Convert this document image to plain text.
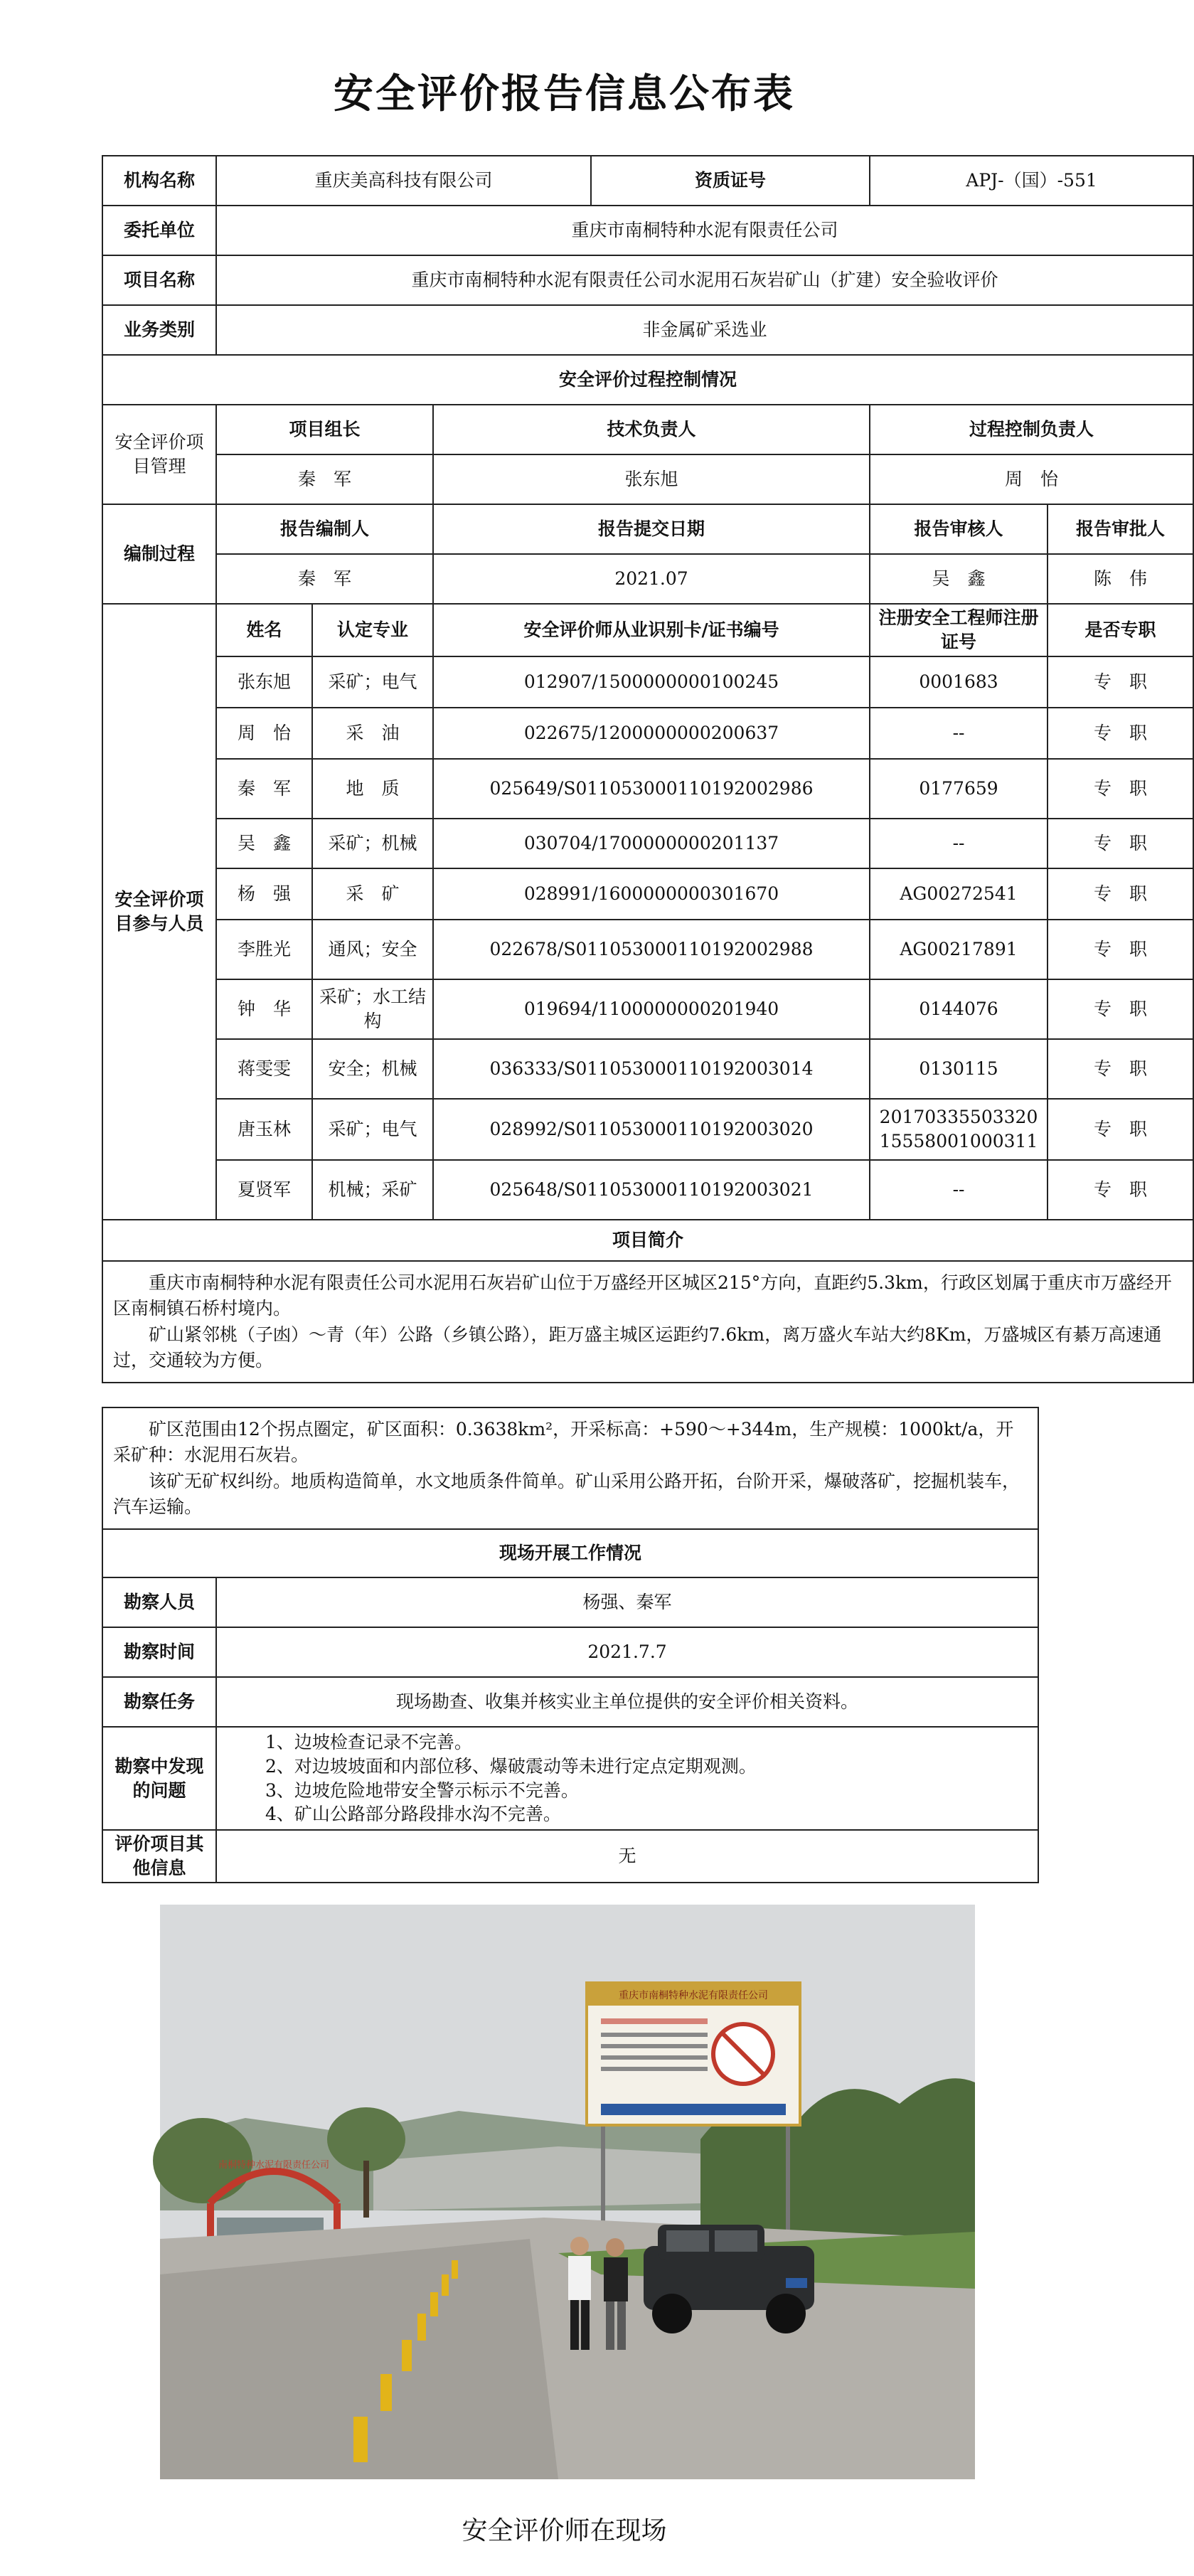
安全评价报告信息公布表
机构名称	重庆美高科技有限公司			资质证号	APJ-（国）-551	
委托单位	重庆市南桐特种水泥有限责任公司					
项目名称	重庆市南桐特种水泥有限责任公司水泥用石灰岩矿山（扩建）安全验收评价					
业务类别	非金属矿采选业					
安全评价过程控制情况						
安全评价项目管理	项目组长		技术负责人		过程控制负责人	
	秦　军		张东旭		周　怡	
编制过程	报告编制人		报告提交日期		报告审核人	报告审批人
	秦　军		2021.07		吴　鑫	陈　伟
安全评价项目参与人员	姓名	认定专业	安全评价师从业识别卡/证书编号		注册安全工程师注册证号	是否专职
	张东旭	采矿；电气	012907/1500000000100245		0001683	专　职
	周　怡	采　油	022675/1200000000200637		--	专　职
	秦　军	地　质	025649/S011053000110192002986		0177659	专　职
	吴　鑫	采矿；机械	030704/1700000000201137		--	专　职
	杨　强	采　矿	028991/1600000000301670		AG00272541	专　职
	李胜光	通风；安全	022678/S011053000110192002988		AG00217891	专　职
	钟　华	采矿；水工结构	019694/1100000000201940		0144076	专　职
	蒋雯雯	安全；机械	036333/S011053000110192003014		0130115	专　职
	唐玉林	采矿；电气	028992/S011053000110192003020		2017033550332015558001000311	专　职
	夏贤军	机械；采矿	025648/S011053000110192003021		--	专　职
项目简介						

重庆市南桐特种水泥有限责任公司水泥用石灰岩矿山位于万盛经开区城区215°方向，直距约5.3km，行政区划属于重庆市万盛经开区南桐镇石桥村境内。

矿山紧邻桃（子凼）～青（年）公路（乡镇公路），距万盛主城区运距约7.6km，离万盛火车站大约8Km，万盛城区有綦万高速通过，交通较为方便。						

矿区范围由12个拐点圈定，矿区面积：0.3638km²，开采标高：+590～+344m，生产规模：1000kt/a，开采矿种：水泥用石灰岩。

该矿无矿权纠纷。地质构造简单，水文地质条件简单。矿山采用公路开拓，台阶开采，爆破落矿，挖掘机装车，汽车运输。	

现场开展工作情况	
勘察人员	杨强、秦军
勘察时间	2021.7.7
勘察任务	现场勘查、收集并核实业主单位提供的安全评价相关资料。
勘察中发现的问题	1、边坡检查记录不完善。
2、对边坡坡面和内部位移、爆破震动等未进行定点定期观测。
3、边坡危险地带安全警示标示不完善。
4、矿山公路部分路段排水沟不完善。

评价项目其他信息	无
南桐特种水泥有限责任公司
重庆市南桐特种水泥有限责任公司
安全评价师在现场
